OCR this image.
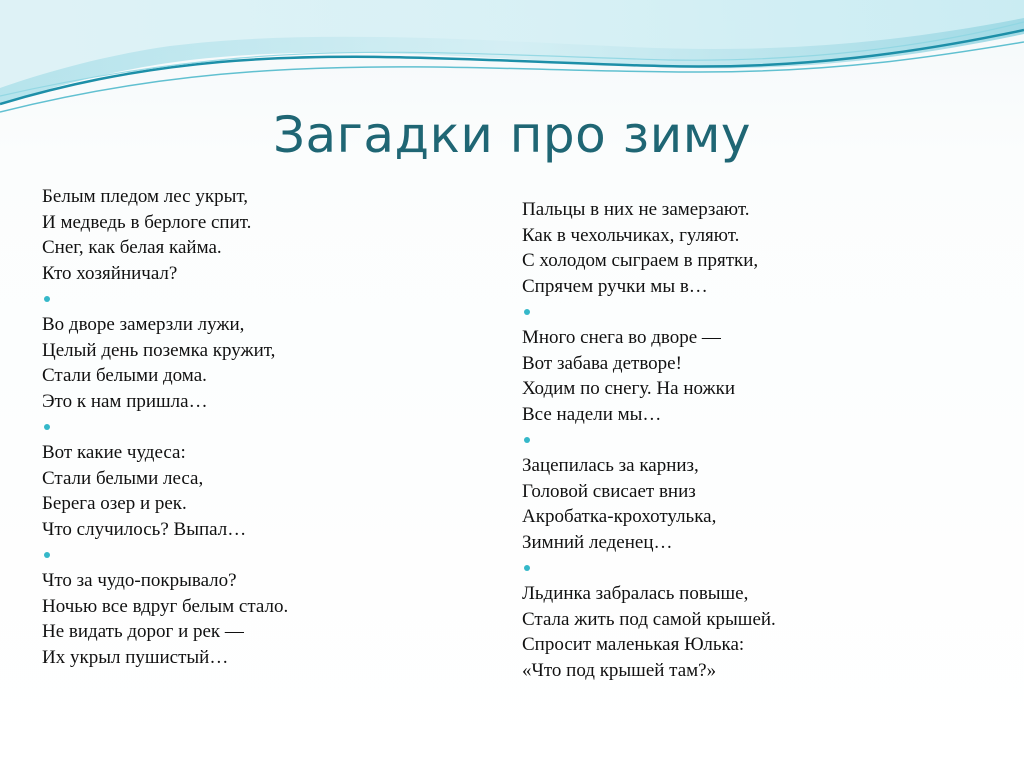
Загадки про зиму
Белым пледом лес укрыт,
И медведь в берлоге спит.
Снег, как белая кайма.
Кто хозяйничал?
Во дворе замерзли лужи,
Целый день поземка кружит,
Стали белыми дома.
Это к нам пришла…
Вот какие чудеса:
Стали белыми леса,
Берега озер и рек.
Что случилось? Выпал…
Что за чудо-покрывало?
Ночью все вдруг белым стало.
Не видать дорог и рек —
Их укрыл пушистый…
Пальцы в них не замерзают.
Как в чехольчиках, гуляют.
С холодом сыграем в прятки,
Спрячем ручки мы в…
Много снега во дворе —
Вот забава детворе!
Ходим по снегу. На ножки
Все надели мы…
Зацепилась за карниз,
Головой свисает вниз
Акробатка-крохотулька,
Зимний леденец…
Льдинка забралась повыше,
Стала жить под самой крышей.
Спросит маленькая Юлька:
«Что под крышей там?»
